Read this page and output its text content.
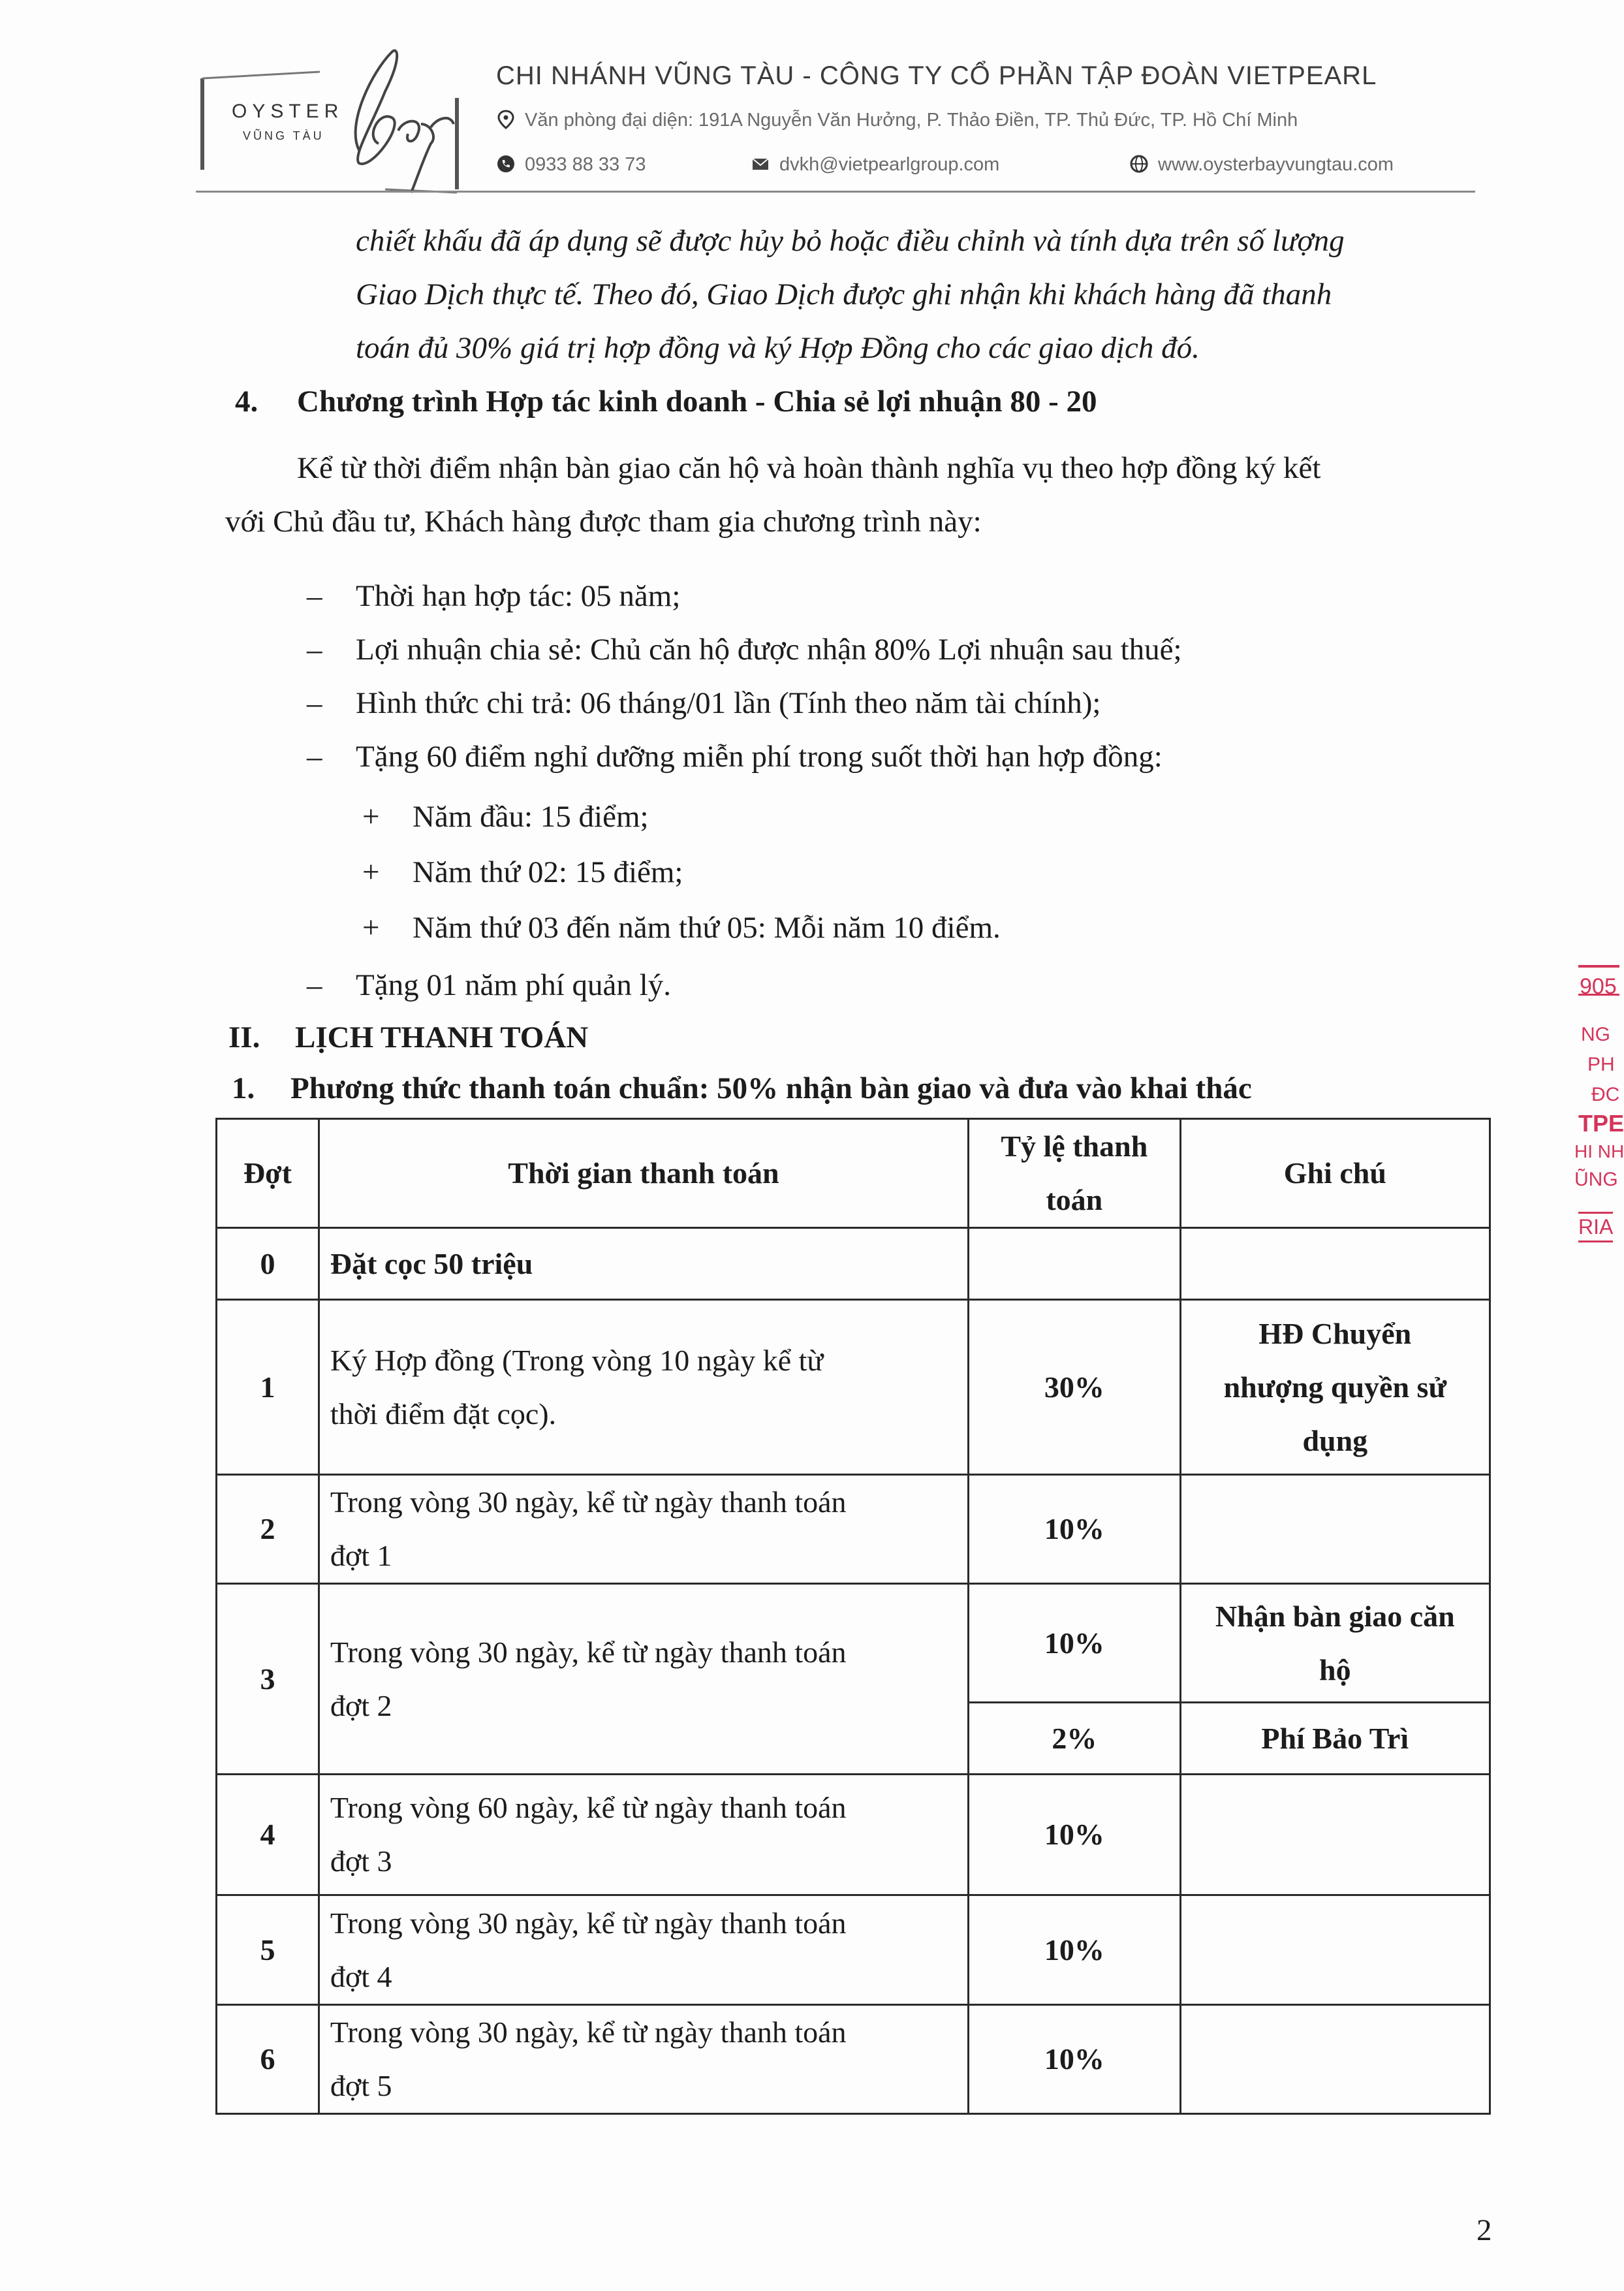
OYSTER
VŨNG TÀU
CHI NHÁNH VŨNG TÀU - CÔNG TY CỔ PHẦN TẬP ĐOÀN VIETPEARL
Văn phòng đại diện: 191A Nguyễn Văn Hưởng, P. Thảo Điền, TP. Thủ Đức, TP. Hồ Chí Minh
0933 88 33 73	dvkh@vietpearlgroup.com	www.oysterbayvungtau.com
chiết khấu đã áp dụng sẽ được hủy bỏ hoặc điều chỉnh và tính dựa trên số lượng
Giao Dịch thực tế. Theo đó, Giao Dịch được ghi nhận khi khách hàng đã thanh
toán đủ 30% giá trị hợp đồng và ký Hợp Đồng cho các giao dịch đó.
4. Chương trình Hợp tác kinh doanh - Chia sẻ lợi nhuận 80 - 20
Kể từ thời điểm nhận bàn giao căn hộ và hoàn thành nghĩa vụ theo hợp đồng ký kết
với Chủ đầu tư, Khách hàng được tham gia chương trình này:
– Thời hạn hợp tác: 05 năm;
– Lợi nhuận chia sẻ: Chủ căn hộ được nhận 80% Lợi nhuận sau thuế;
– Hình thức chi trả: 06 tháng/01 lần (Tính theo năm tài chính);
– Tặng 60 điểm nghỉ dưỡng miễn phí trong suốt thời hạn hợp đồng:
+ Năm đầu: 15 điểm;
+ Năm thứ 02: 15 điểm;
+ Năm thứ 03 đến năm thứ 05: Mỗi năm 10 điểm.
– Tặng 01 năm phí quản lý.
II. LỊCH THANH TOÁN
1. Phương thức thanh toán chuẩn: 50% nhận bàn giao và đưa vào khai thác
Đợt	Thời gian thanh toán	Tỷ lệ thanh
toán	Ghi chú
0	Đặt cọc 50 triệu		
1	Ký Hợp đồng (Trong vòng 10 ngày kể từ
thời điểm đặt cọc).	30%	HĐ Chuyển
nhượng quyền sử
dụng
2	Trong vòng 30 ngày, kể từ ngày thanh toán
đợt 1	10%	
3	Trong vòng 30 ngày, kể từ ngày thanh toán
đợt 2	10%	Nhận bàn giao căn
hộ
		2%	Phí Bảo Trì
4	Trong vòng 60 ngày, kể từ ngày thanh toán
đợt 3	10%	
5	Trong vòng 30 ngày, kể từ ngày thanh toán
đợt 4	10%	
6	Trong vòng 30 ngày, kể từ ngày thanh toán
đợt 5	10%	
905
NG
PH
ĐC
TPE
HI NH
ŨNG
RIA
2
